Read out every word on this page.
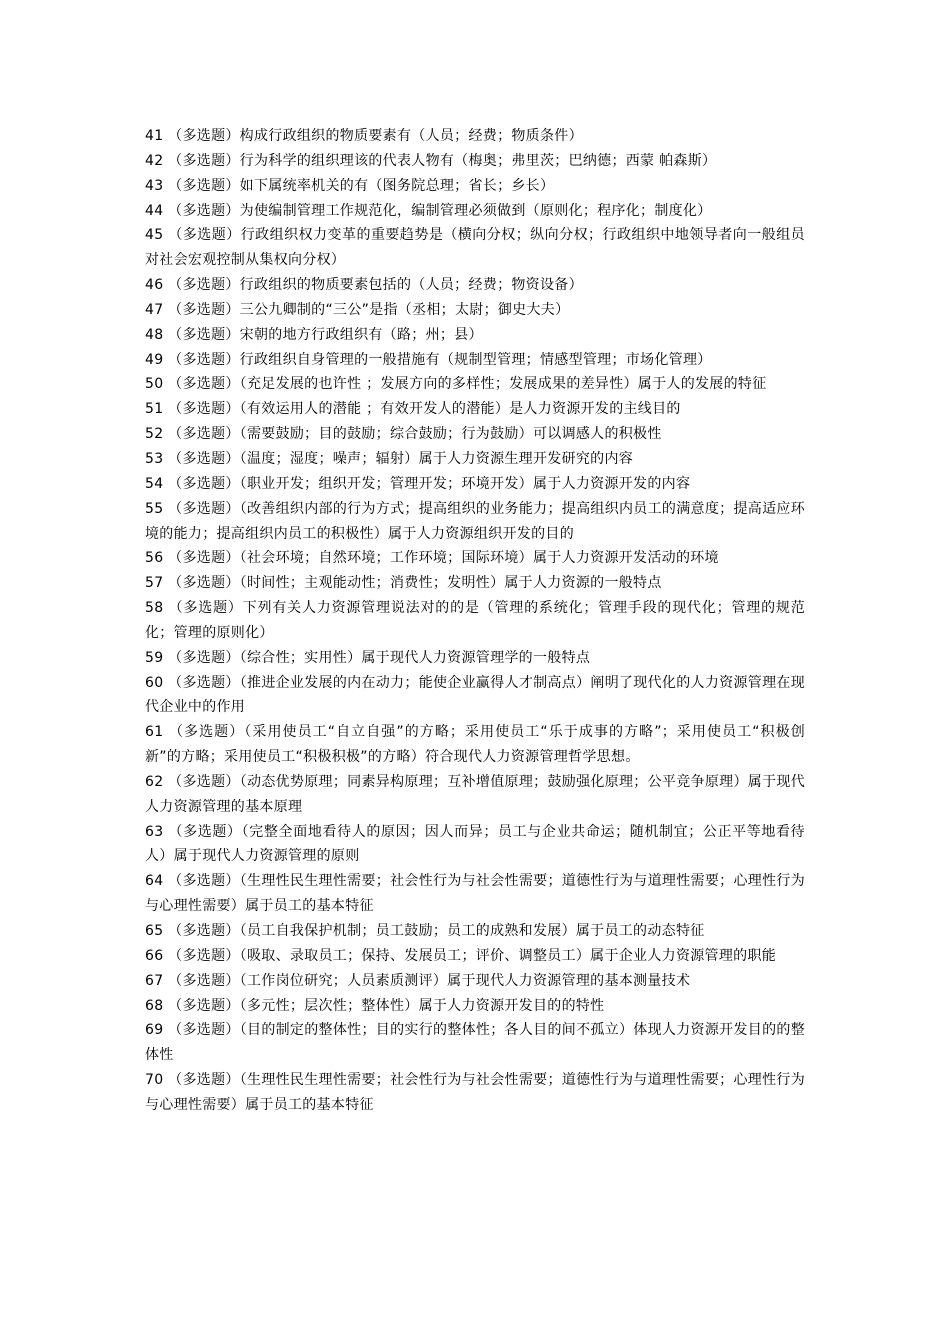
41 （多选题）构成行政组织的物质要素有（人员；经费；物质条件）

42 （多选题）行为科学的组织理该的代表人物有（梅奥；弗里茨；巴纳德；西蒙 帕森斯）

43 （多选题）如下属统率机关的有（图务院总理；省长；乡长）

44 （多选题）为使编制管理工作规范化，编制管理必须做到（原则化；程序化；制度化）

45 （多选题）行政组织权力变革的重要趋势是（横向分权；纵向分权；行政组织中地领导者向一般组员对社会宏观控制从集权向分权）

46 （多选题）行政组织的物质要素包括的（人员；经费；物资设备）

47 （多选题）三公九卿制的“三公”是指（丞相；太尉；御史大夫）

48 （多选题）宋朝的地方行政组织有（路；州；县）

49 （多选题）行政组织自身管理的一般措施有（规制型管理；情感型管理；市场化管理）

50 （多选题）（充足发展的也许性 ；发展方向的多样性；发展成果的差异性）属于人的发展的特征

51 （多选题）（有效运用人的潜能 ；有效开发人的潜能）是人力资源开发的主线目的

52 （多选题）（需要鼓励；目的鼓励；综合鼓励；行为鼓励）可以调感人的积极性

53 （多选题）（温度；湿度；噪声；辐射）属于人力资源生理开发研究的内容

54 （多选题）（职业开发；组织开发；管理开发；环境开发）属于人力资源开发的内容

55 （多选题）（改善组织内部的行为方式；提高组织的业务能力；提高组织内员工的满意度；提高适应环境的能力；提高组织内员工的积极性）属于人力资源组织开发的目的

56 （多选题）（社会环境；自然环境；工作环境；国际环境）属于人力资源开发活动的环境

57 （多选题）（时间性；主观能动性；消费性；发明性）属于人力资源的一般特点

58 （多选题）下列有关人力资源管理说法对的的是（管理的系统化；管理手段的现代化；管理的规范化；管理的原则化）

59 （多选题）（综合性；实用性）属于现代人力资源管理学的一般特点

60 （多选题）（推进企业发展的内在动力；能使企业赢得人才制高点）阐明了现代化的人力资源管理在现代企业中的作用

61 （多选题）（采用使员工“自立自强”的方略；采用使员工“乐于成事的方略”；采用使员工“积极创新”的方略；采用使员工“积极积极”的方略）符合现代人力资源管理哲学思想。

62 （多选题）（动态优势原理；同素异构原理；互补增值原理；鼓励强化原理；公平竞争原理）属于现代人力资源管理的基本原理

63 （多选题）（完整全面地看待人的原因；因人而异；员工与企业共命运；随机制宜；公正平等地看待人）属于现代人力资源管理的原则

64 （多选题）（生理性民生理性需要；社会性行为与社会性需要；道德性行为与道理性需要；心理性行为与心理性需要）属于员工的基本特征

65 （多选题）（员工自我保护机制；员工鼓励；员工的成熟和发展）属于员工的动态特征

66 （多选题）（吸取、录取员工；保持、发展员工；评价、调整员工）属于企业人力资源管理的职能

67 （多选题）（工作岗位研究；人员素质测评）属于现代人力资源管理的基本测量技术

68 （多选题）（多元性；层次性；整体性）属于人力资源开发目的的特性

69 （多选题）（目的制定的整体性；目的实行的整体性；各人目的间不孤立）体现人力资源开发目的的整体性

70 （多选题）（生理性民生理性需要；社会性行为与社会性需要；道德性行为与道理性需要；心理性行为与心理性需要）属于员工的基本特征
